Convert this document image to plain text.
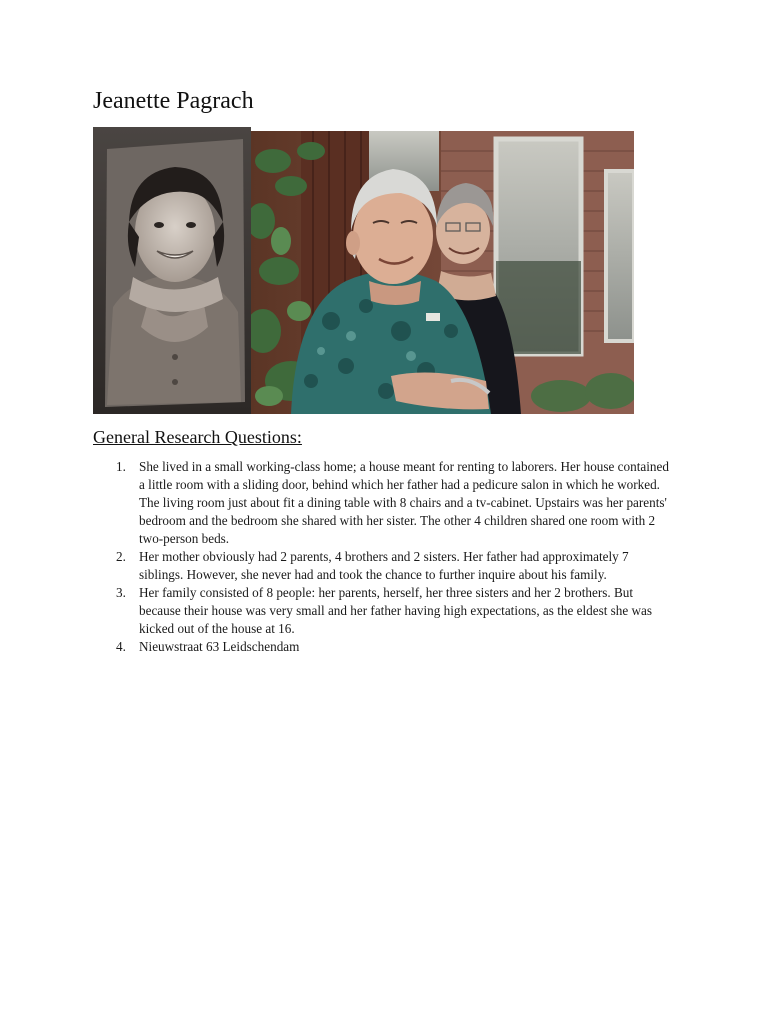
Jeanette Pagrach
General Research Questions:
1. She lived in a small working-class home; a house meant for renting to laborers. Her house contained a little room with a sliding door, behind which her father had a pedicure salon in which he worked. The living room just about fit a dining table with 8 chairs and a tv-cabinet. Upstairs was her parents' bedroom and the bedroom she shared with her sister. The other 4 children shared one room with 2 two-person beds.
2. Her mother obviously had 2 parents, 4 brothers and 2 sisters. Her father had approximately 7 siblings. However, she never had and took the chance to further inquire about his family.
3. Her family consisted of 8 people: her parents, herself, her three sisters and her 2 brothers. But because their house was very small and her father having high expectations, as the eldest she was kicked out of the house at 16.
4. Nieuwstraat 63 Leidschendam
